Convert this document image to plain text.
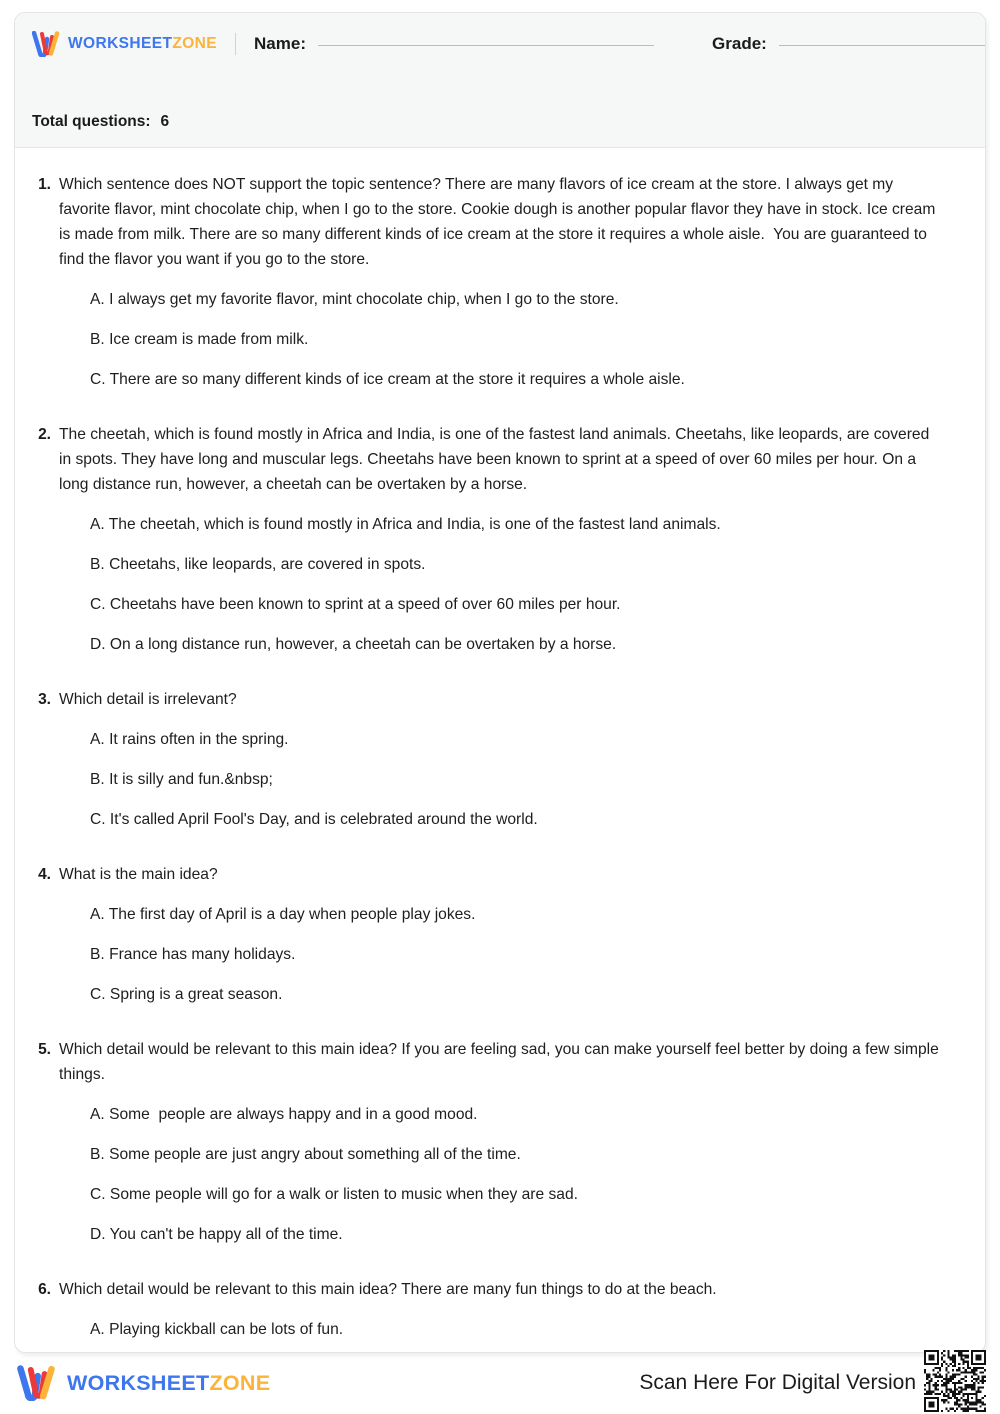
WORKSHEETZONE Name:	Grade:
Total questions: 6
1. Which sentence does NOT support the topic sentence? There are many flavors of ice cream at the store. I always get my favorite flavor, mint chocolate chip, when I go to the store. Cookie dough is another popular flavor they have in stock. Ice cream is made from milk. There are so many different kinds of ice cream at the store it requires a whole aisle.  You are guaranteed to find the flavor you want if you go to the store.
A. I always get my favorite flavor, mint chocolate chip, when I go to the store.
B. Ice cream is made from milk.
C. There are so many different kinds of ice cream at the store it requires a whole aisle.
2. The cheetah, which is found mostly in Africa and India, is one of the fastest land animals. Cheetahs, like leopards, are covered in spots. They have long and muscular legs. Cheetahs have been known to sprint at a speed of over 60 miles per hour. On a long distance run, however, a cheetah can be overtaken by a horse.
A. The cheetah, which is found mostly in Africa and India, is one of the fastest land animals.
B. Cheetahs, like leopards, are covered in spots.
C. Cheetahs have been known to sprint at a speed of over 60 miles per hour.
D. On a long distance run, however, a cheetah can be overtaken by a horse.
3. Which detail is irrelevant?
A. It rains often in the spring.
B. It is silly and fun.&nbsp;
C. It's called April Fool's Day, and is celebrated around the world.
4. What is the main idea?
A. The first day of April is a day when people play jokes.
B. France has many holidays.
C. Spring is a great season.
5. Which detail would be relevant to this main idea? If you are feeling sad, you can make yourself feel better by doing a few simple things.
A. Some  people are always happy and in a good mood.
B. Some people are just angry about something all of the time.
C. Some people will go for a walk or listen to music when they are sad.
D. You can't be happy all of the time.
6. Which detail would be relevant to this main idea? There are many fun things to do at the beach.
A. Playing kickball can be lots of fun.
WORKSHEETZONE	Scan Here For Digital Version
